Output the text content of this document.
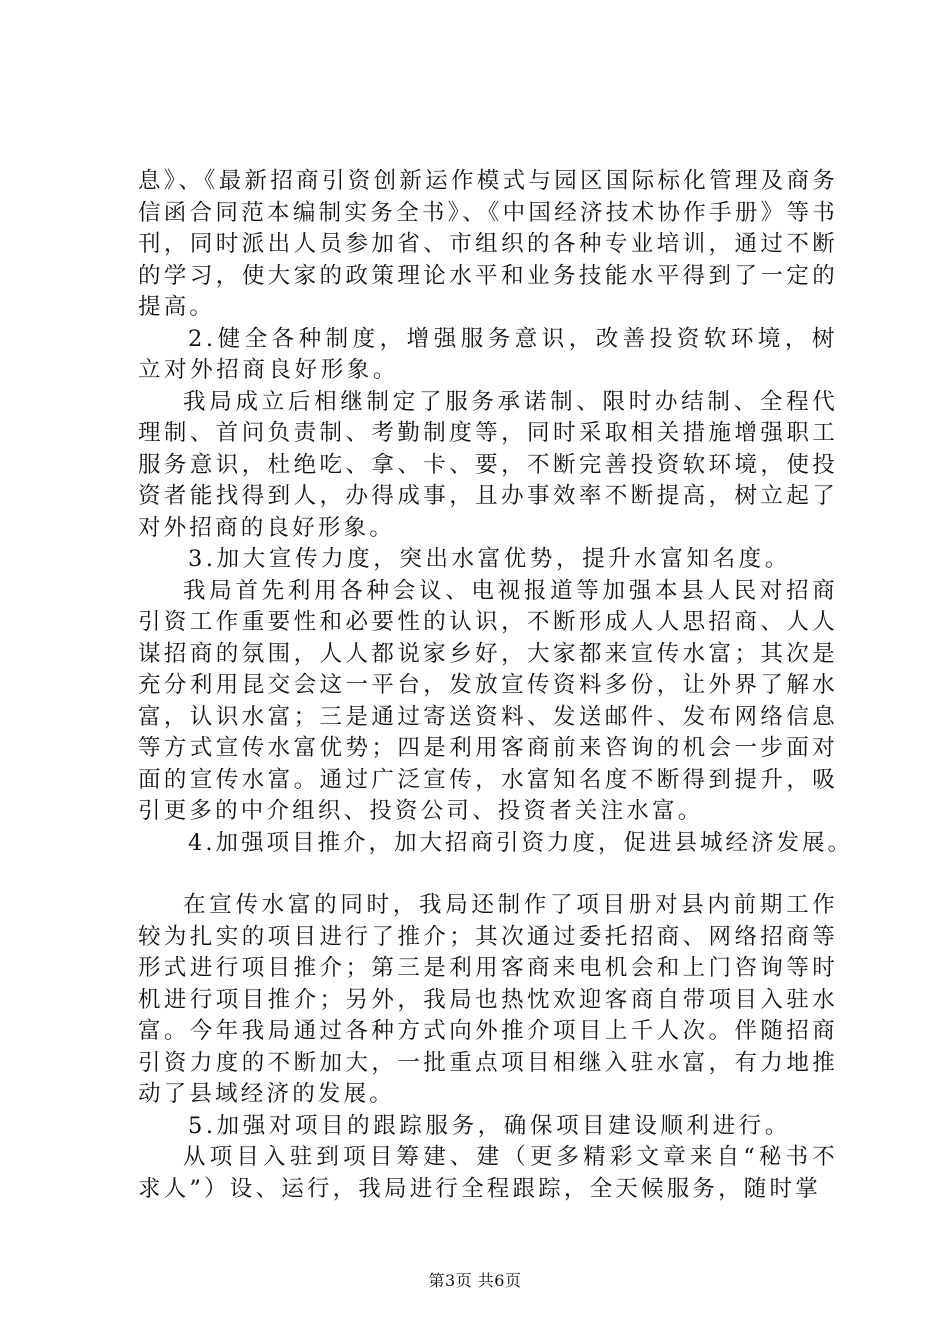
息》、《最新招商引资创新运作模式与园区国际标化管理及商务信函合同范本编制实务全书》、《中国经济技术协作手册》等书刊，同时派出人员参加省、市组织的各种专业培训，通过不断的学习，使大家的政策理论水平和业务技能水平得到了一定的提高。

2.健全各种制度，增强服务意识，改善投资软环境，树立对外招商良好形象。

我局成立后相继制定了服务承诺制、限时办结制、全程代理制、首问负责制、考勤制度等，同时采取相关措施增强职工服务意识，杜绝吃、拿、卡、要，不断完善投资软环境，使投资者能找得到人，办得成事，且办事效率不断提高，树立起了对外招商的良好形象。

3.加大宣传力度，突出水富优势，提升水富知名度。

我局首先利用各种会议、电视报道等加强本县人民对招商引资工作重要性和必要性的认识，不断形成人人思招商、人人谋招商的氛围，人人都说家乡好，大家都来宣传水富；其次是充分利用昆交会这一平台，发放宣传资料多份，让外界了解水富，认识水富；三是通过寄送资料、发送邮件、发布网络信息等方式宣传水富优势；四是利用客商前来咨询的机会一步面对面的宣传水富。通过广泛宣传，水富知名度不断得到提升，吸引更多的中介组织、投资公司、投资者关注水富。

4.加强项目推介，加大招商引资力度，促进县城经济发展。

在宣传水富的同时，我局还制作了项目册对县内前期工作较为扎实的项目进行了推介；其次通过委托招商、网络招商等形式进行项目推介；第三是利用客商来电机会和上门咨询等时机进行项目推介；另外，我局也热忱欢迎客商自带项目入驻水富。今年我局通过各种方式向外推介项目上千人次。伴随招商引资力度的不断加大，一批重点项目相继入驻水富，有力地推动了县域经济的发展。

5.加强对项目的跟踪服务，确保项目建设顺利进行。

从项目入驻到项目筹建、建（更多精彩文章来自“秘书不求人”）设、运行，我局进行全程跟踪，全天候服务，随时掌

第3页 共6页
